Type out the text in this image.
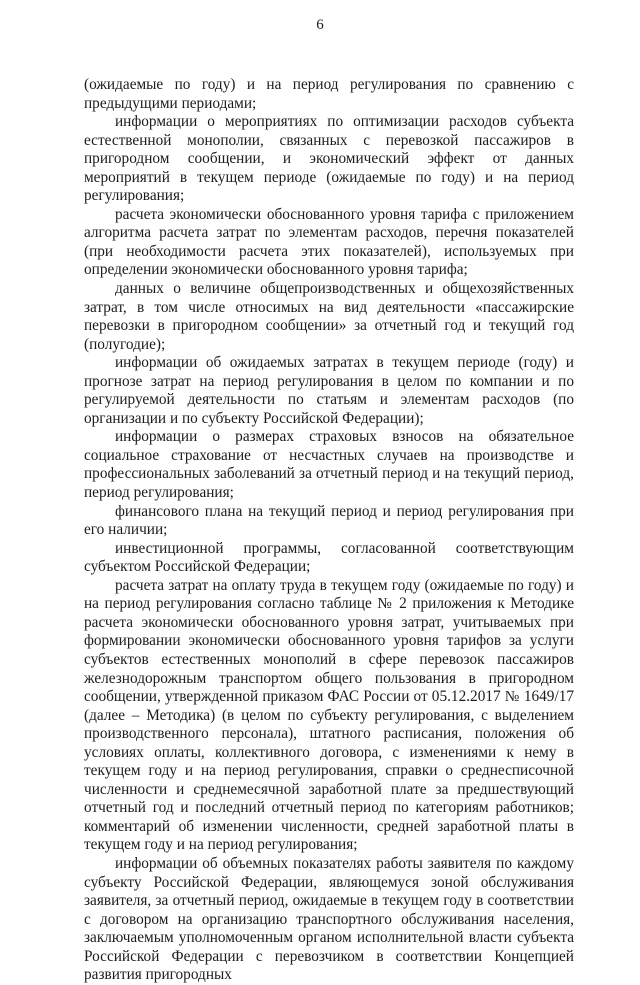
6

(ожидаемые по году) и на период регулирования по сравнению с предыдущими периодами;

информации о мероприятиях по оптимизации расходов субъекта естественной монополии, связанных с перевозкой пассажиров в пригородном сообщении, и экономический эффект от данных мероприятий в текущем периоде (ожидаемые по году) и на период регулирования;

расчета экономически обоснованного уровня тарифа с приложением алгоритма расчета затрат по элементам расходов, перечня показателей (при необходимости расчета этих показателей), используемых при определении экономически обоснованного уровня тарифа;

данных о величине общепроизводственных и общехозяйственных затрат, в том числе относимых на вид деятельности «пассажирские перевозки в пригородном сообщении» за отчетный год и текущий год (полугодие);

информации об ожидаемых затратах в текущем периоде (году) и прогнозе затрат на период регулирования в целом по компании и по регулируемой деятельности по статьям и элементам расходов (по организации и по субъекту Российской Федерации);

информации о размерах страховых взносов на обязательное социальное страхование от несчастных случаев на производстве и профессиональных заболеваний за отчетный период и на текущий период, период регулирования;

финансового плана на текущий период и период регулирования при его наличии;

инвестиционной программы, согласованной соответствующим субъектом Российской Федерации;

расчета затрат на оплату труда в текущем году (ожидаемые по году) и на период регулирования согласно таблице № 2 приложения к Методике расчета экономически обоснованного уровня затрат, учитываемых при формировании экономически обоснованного уровня тарифов за услуги субъектов естественных монополий в сфере перевозок пассажиров железнодорожным транспортом общего пользования в пригородном сообщении, утвержденной приказом ФАС России от 05.12.2017 № 1649/17 (далее – Методика) (в целом по субъекту регулирования, с выделением производственного персонала), штатного расписания, положения об условиях оплаты, коллективного договора, с изменениями к нему в текущем году и на период регулирования, справки о среднесписочной численности и среднемесячной заработной плате за предшествующий отчетный год и последний отчетный период по категориям работников; комментарий об изменении численности, средней заработной платы в текущем году и на период регулирования;

информации об объемных показателях работы заявителя по каждому субъекту Российской Федерации, являющемуся зоной обслуживания заявителя, за отчетный период, ожидаемые в текущем году в соответствии с договором на организацию транспортного обслуживания населения, заключаемым уполномоченным органом исполнительной власти субъекта Российской Федерации с перевозчиком в соответствии Концепцией развития пригородных
